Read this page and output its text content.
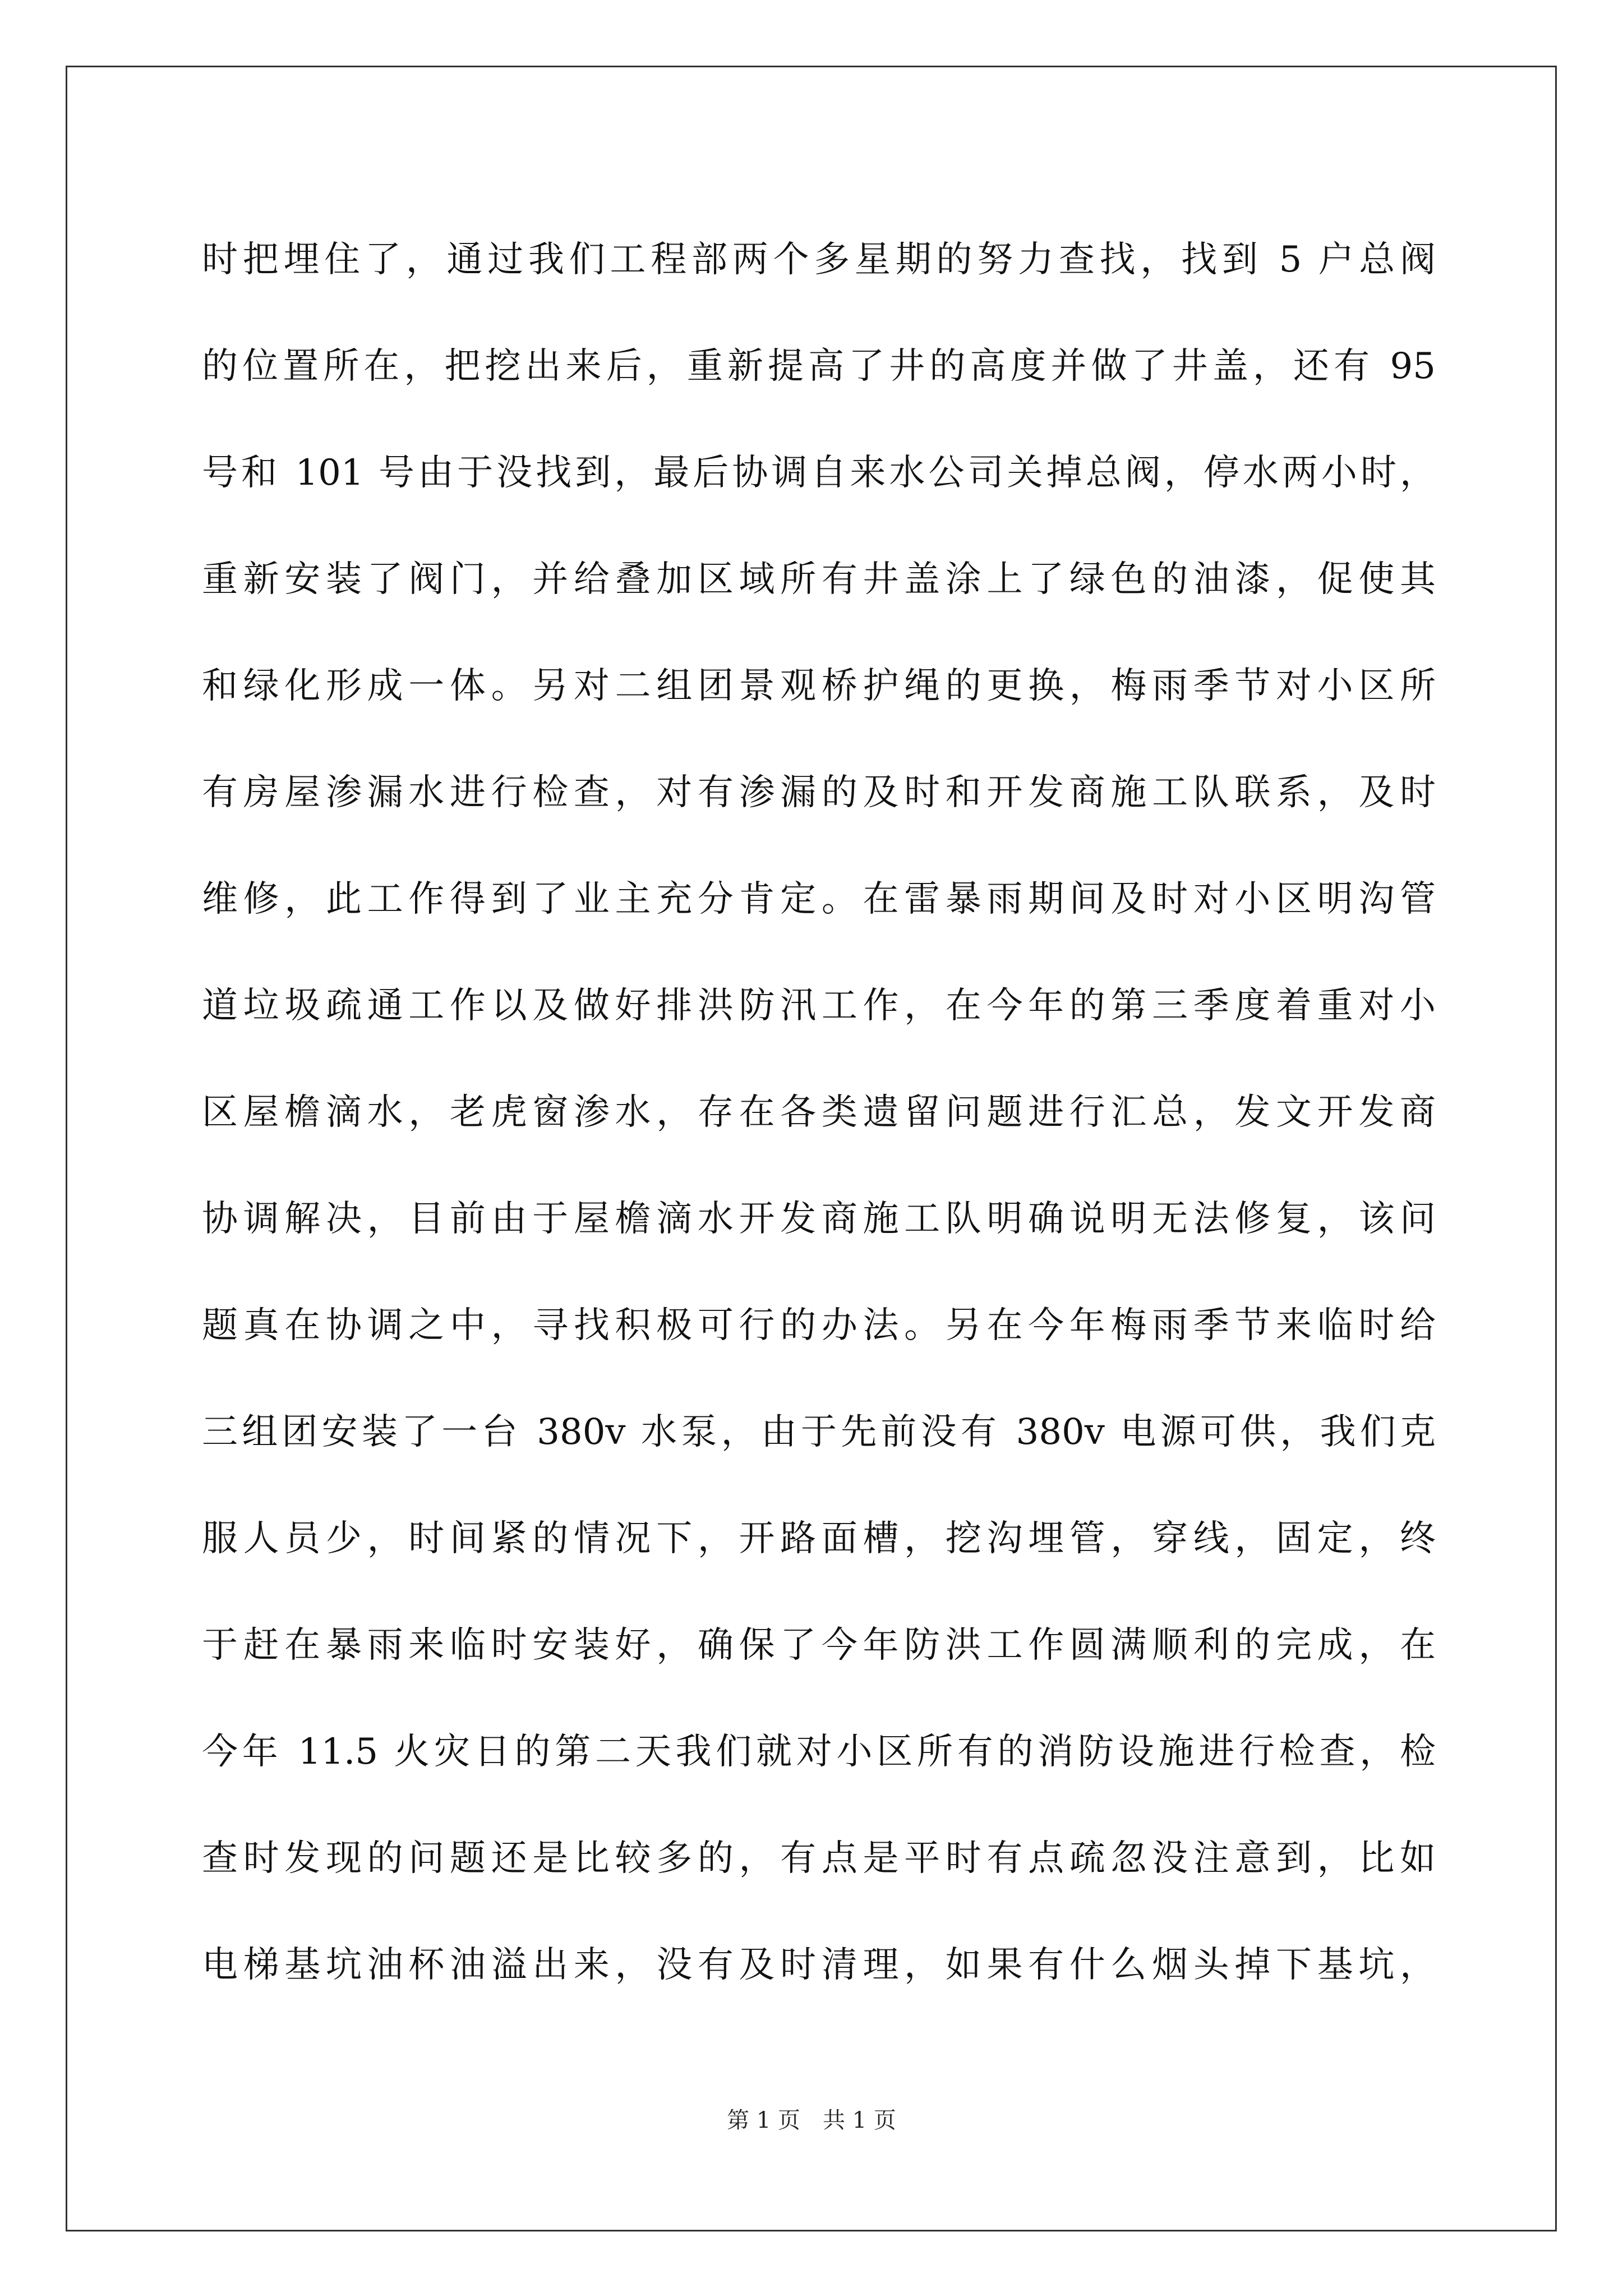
时把埋住了，通过我们工程部两个多星期的努力查找，找到 5 户总阀
的位置所在，把挖出来后，重新提高了井的高度并做了井盖，还有 95
号和 101 号由于没找到，最后协调自来水公司关掉总阀，停水两小时，
重新安装了阀门，并给叠加区域所有井盖涂上了绿色的油漆，促使其
和绿化形成一体。另对二组团景观桥护绳的更换，梅雨季节对小区所
有房屋渗漏水进行检查，对有渗漏的及时和开发商施工队联系，及时
维修，此工作得到了业主充分肯定。在雷暴雨期间及时对小区明沟管
道垃圾疏通工作以及做好排洪防汛工作，在今年的第三季度着重对小
区屋檐滴水，老虎窗渗水，存在各类遗留问题进行汇总，发文开发商
协调解决，目前由于屋檐滴水开发商施工队明确说明无法修复，该问
题真在协调之中，寻找积极可行的办法。另在今年梅雨季节来临时给
三组团安装了一台 380v 水泵，由于先前没有 380v 电源可供，我们克
服人员少，时间紧的情况下，开路面槽，挖沟埋管，穿线，固定，终
于赶在暴雨来临时安装好，确保了今年防洪工作圆满顺利的完成，在
今年 11.5 火灾日的第二天我们就对小区所有的消防设施进行检查，检
查时发现的问题还是比较多的，有点是平时有点疏忽没注意到，比如
电梯基坑油杯油溢出来，没有及时清理，如果有什么烟头掉下基坑，
第 1 页　共 1 页
